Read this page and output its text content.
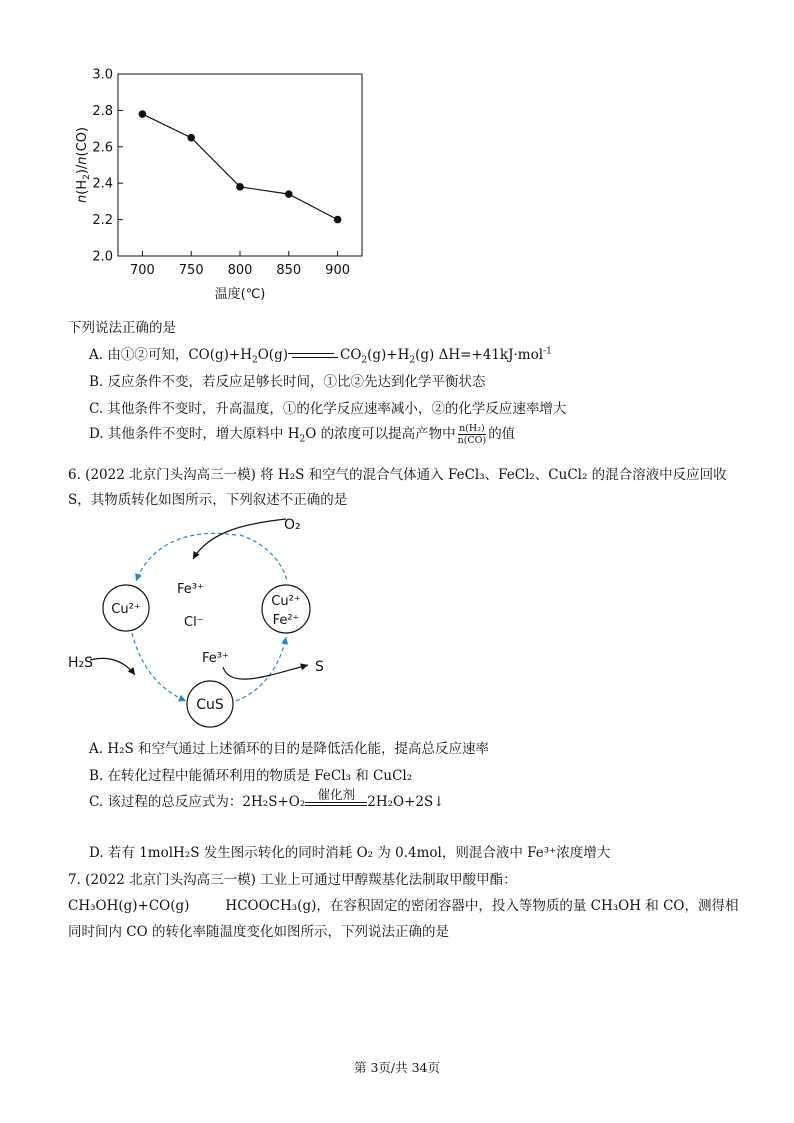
2.0
2.2
2.4
2.6
2.8
3.0
700 750 800 850 900
$n(H_2)/n(CO)$
温度(℃)
下列说法正确的是
A. 由①②可知，$CO(g)+H_2O(g)$	$CO_2(g)+H_2(g)$ ΔH=+41kJ·mol$^{-1}$
B. 反应条件不变，若反应足够长时间，①比②先达到化学平衡状态
C. 其他条件不变时，升高温度，①的化学反应速率减小，②的化学反应速率增大
D. 其他条件不变时，增大原料中 $H_2O$ 的浓度可以提高产物中 $\frac{\text{n(H₂)}}{n(CO)}$ 的值
6. (2022 北京门头沟高三一模) 将 H₂S 和空气的混合气体通入 FeCl₃、FeCl₂、CuCl₂ 的混合溶液中反应回收
S，其物质转化如图所示，下列叙述不正确的是
O₂
Fe³⁺
Cu²⁺
Cl⁻
Cu²⁺
Fe²⁺
H₂S	Fe³⁺
S
CuS
A. H₂S 和空气通过上述循环的目的是降低活化能，提高总反应速率
B. 在转化过程中能循环利用的物质是 FeCl₃ 和 CuCl₂
C. 该过程的总反应式为：2H₂S+O₂ 催化剂 2H₂O+2S↓
D. 若有 1molH₂S 发生图示转化的同时消耗 O₂ 为 0.4mol，则混合液中 Fe³⁺浓度增大
7. (2022 北京门头沟高三一模) 工业上可通过甲醇羰基化法制取甲酸甲酯：
CH₃OH(g)+CO(g)	HCOOCH₃(g)，在容积固定的密闭容器中，投入等物质的量 CH₃OH 和 CO，测得相
同时间内 CO 的转化率随温度变化如图所示，下列说法正确的是
第 3页/共 34页
